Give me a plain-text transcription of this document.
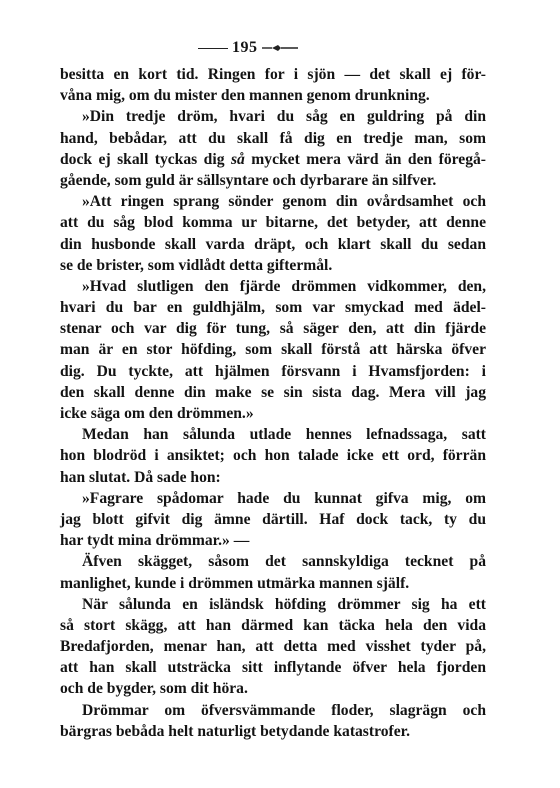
195
besitta en kort tid. Ringen for i sjön — det skall ej för-
våna mig, om du mister den mannen genom drunkning.
»Din tredje dröm, hvari du såg en guldring på din
hand, bebådar, att du skall få dig en tredje man, som
dock ej skall tyckas dig så mycket mera värd än den föregå-
gående, som guld är sällsyntare och dyrbarare än silfver.
»Att ringen sprang sönder genom din ovårdsamhet och
att du såg blod komma ur bitarne, det betyder, att denne
din husbonde skall varda dräpt, och klart skall du sedan
se de brister, som vidlådt detta giftermål.
»Hvad slutligen den fjärde drömmen vidkommer, den,
hvari du bar en guldhjälm, som var smyckad med ädel-
stenar och var dig för tung, så säger den, att din fjärde
man är en stor höfding, som skall förstå att härska öfver
dig. Du tyckte, att hjälmen försvann i Hvamsfjorden: i
den skall denne din make se sin sista dag. Mera vill jag
icke säga om den drömmen.»
Medan han sålunda utlade hennes lefnadssaga, satt
hon blodröd i ansiktet; och hon talade icke ett ord, förrän
han slutat. Då sade hon:
»Fagrare spådomar hade du kunnat gifva mig, om
jag blott gifvit dig ämne därtill. Haf dock tack, ty du
har tydt mina drömmar.» —
Äfven skägget, såsom det sannskyldiga tecknet på
manlighet, kunde i drömmen utmärka mannen själf.
När sålunda en isländsk höfding drömmer sig ha ett
så stort skägg, att han därmed kan täcka hela den vida
Bredafjorden, menar han, att detta med visshet tyder på,
att han skall utsträcka sitt inflytande öfver hela fjorden
och de bygder, som dit höra.
Drömmar om öfversvämmande floder, slagrägn och
bärgras bebåda helt naturligt betydande katastrofer.
